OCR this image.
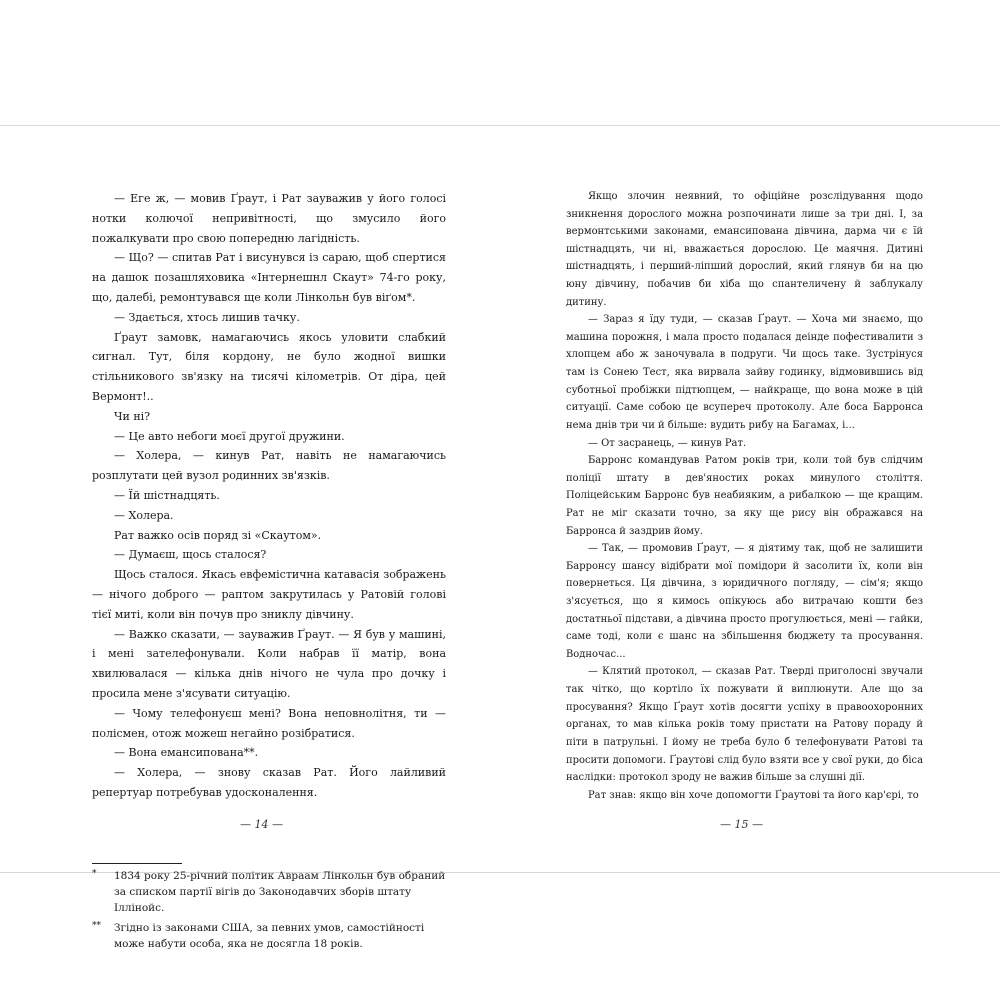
— Еге ж, — мовив Ґраут, і Рат зауважив у його голосі нотки колючої непривітності, що змусило його пожалкувати про свою попередню лагідність.

— Що? — спитав Рат і висунувся із сараю, щоб спертися на дашок позашляховика «Інтернешнл Скаут» 74-го року, що, далебі, ремонтувався ще коли Лінкольн був віґом*.

— Здається, хтось лишив тачку.

Ґраут замовк, намагаючись якось уловити слабкий сигнал. Тут, біля кордону, не було жодної вишки стільникового зв'язку на тисячі кілометрів. От діра, цей Вермонт!..

Чи ні?

— Це авто небоги моєї другої дружини.

— Холера, — кинув Рат, навіть не намагаючись розплутати цей вузол родинних зв'язків.

— Їй шістнадцять.

— Холера.

Рат важко осів поряд зі «Скаутом».

— Думаєш, щось сталося?

Щось сталося. Якась евфемістична катавасія зображень — нічого доброго — раптом закрутилась у Ратовій голові тієї миті, коли він почув про зниклу дівчину.

— Важко сказати, — зауважив Ґраут. — Я був у машині, і мені зателефонували. Коли набрав її матір, вона хвилювалася — кілька днів нічого не чула про дочку і просила мене з'ясувати ситуацію.

— Чому телефонуєш мені? Вона неповнолітня, ти — полісмен, отож можеш негайно розібратися.

— Вона емансипована**.

— Холера, — знову сказав Рат. Його лайливий репертуар потребував удосконалення.

* 1834 року 25-річний політик Авраам Лінкольн був обраний за списком партії вігів до Законодавчих зборів штату Іллінойс.

** Згідно із законами США, за певних умов, самостійності може набути особа, яка не досягла 18 років.

Якщо злочин неявний, то офіційне розслідування щодо зникнення дорослого можна розпочинати лише за три дні. І, за вермонтськими законами, емансипована дівчина, дарма чи є їй шістнадцять, чи ні, вважається дорослою. Це маячня. Дитині шістнадцять, і перший-ліпший дорослий, який глянув би на цю юну дівчину, побачив би хіба що спантеличену й заблукалу дитину.

— Зараз я їду туди, — сказав Ґраут. — Хоча ми знаємо, що машина порожня, і мала просто подалася деінде пофестивалити з хлопцем або ж заночувала в подруги. Чи щось таке. Зустрінуся там із Сонею Тест, яка вирвала зайву годинку, відмовившись від суботньої пробіжки підтюпцем, — найкраще, що вона може в цій ситуації. Саме собою це всупереч протоколу. Але боса Барронса нема днів три чи й більше: вудить рибу на Багамах, і...

— От засранець, — кинув Рат.

Барронс командував Ратом років три, коли той був слідчим поліції штату в дев'яностих роках минулого століття. Поліцейським Барронс був неабияким, а рибалкою — ще кращим. Рат не міг сказати точно, за яку ще рису він ображався на Барронса й заздрив йому.

— Так, — промовив Ґраут, — я діятиму так, щоб не залишити Барронсу шансу відібрати мої помідори й засолити їх, коли він повернеться. Ця дівчина, з юридичного погляду, — сім'я; якщо з'ясується, що я кимось опікуюсь або витрачаю кошти без достатньої підстави, а дівчина просто прогулюється, мені — гайки, саме тоді, коли є шанс на збільшення бюджету та просування. Водночас...

— Клятий протокол, — сказав Рат. Тверді приголосні звучали так чітко, що кортіло їх пожувати й виплюнути. Але що за просування? Якщо Ґраут хотів досягти успіху в правоохоронних органах, то мав кілька років тому пристати на Ратову пораду й піти в патрульні. І йому не треба було б телефонувати Ратові та просити допомоги. Ґраутові слід було взяти все у свої руки, до біса наслідки: протокол зроду не важив більше за слушні дії.

Рат знав: якщо він хоче допомогти Ґраутові та його кар'єрі, то

— 14 —	— 15 —
